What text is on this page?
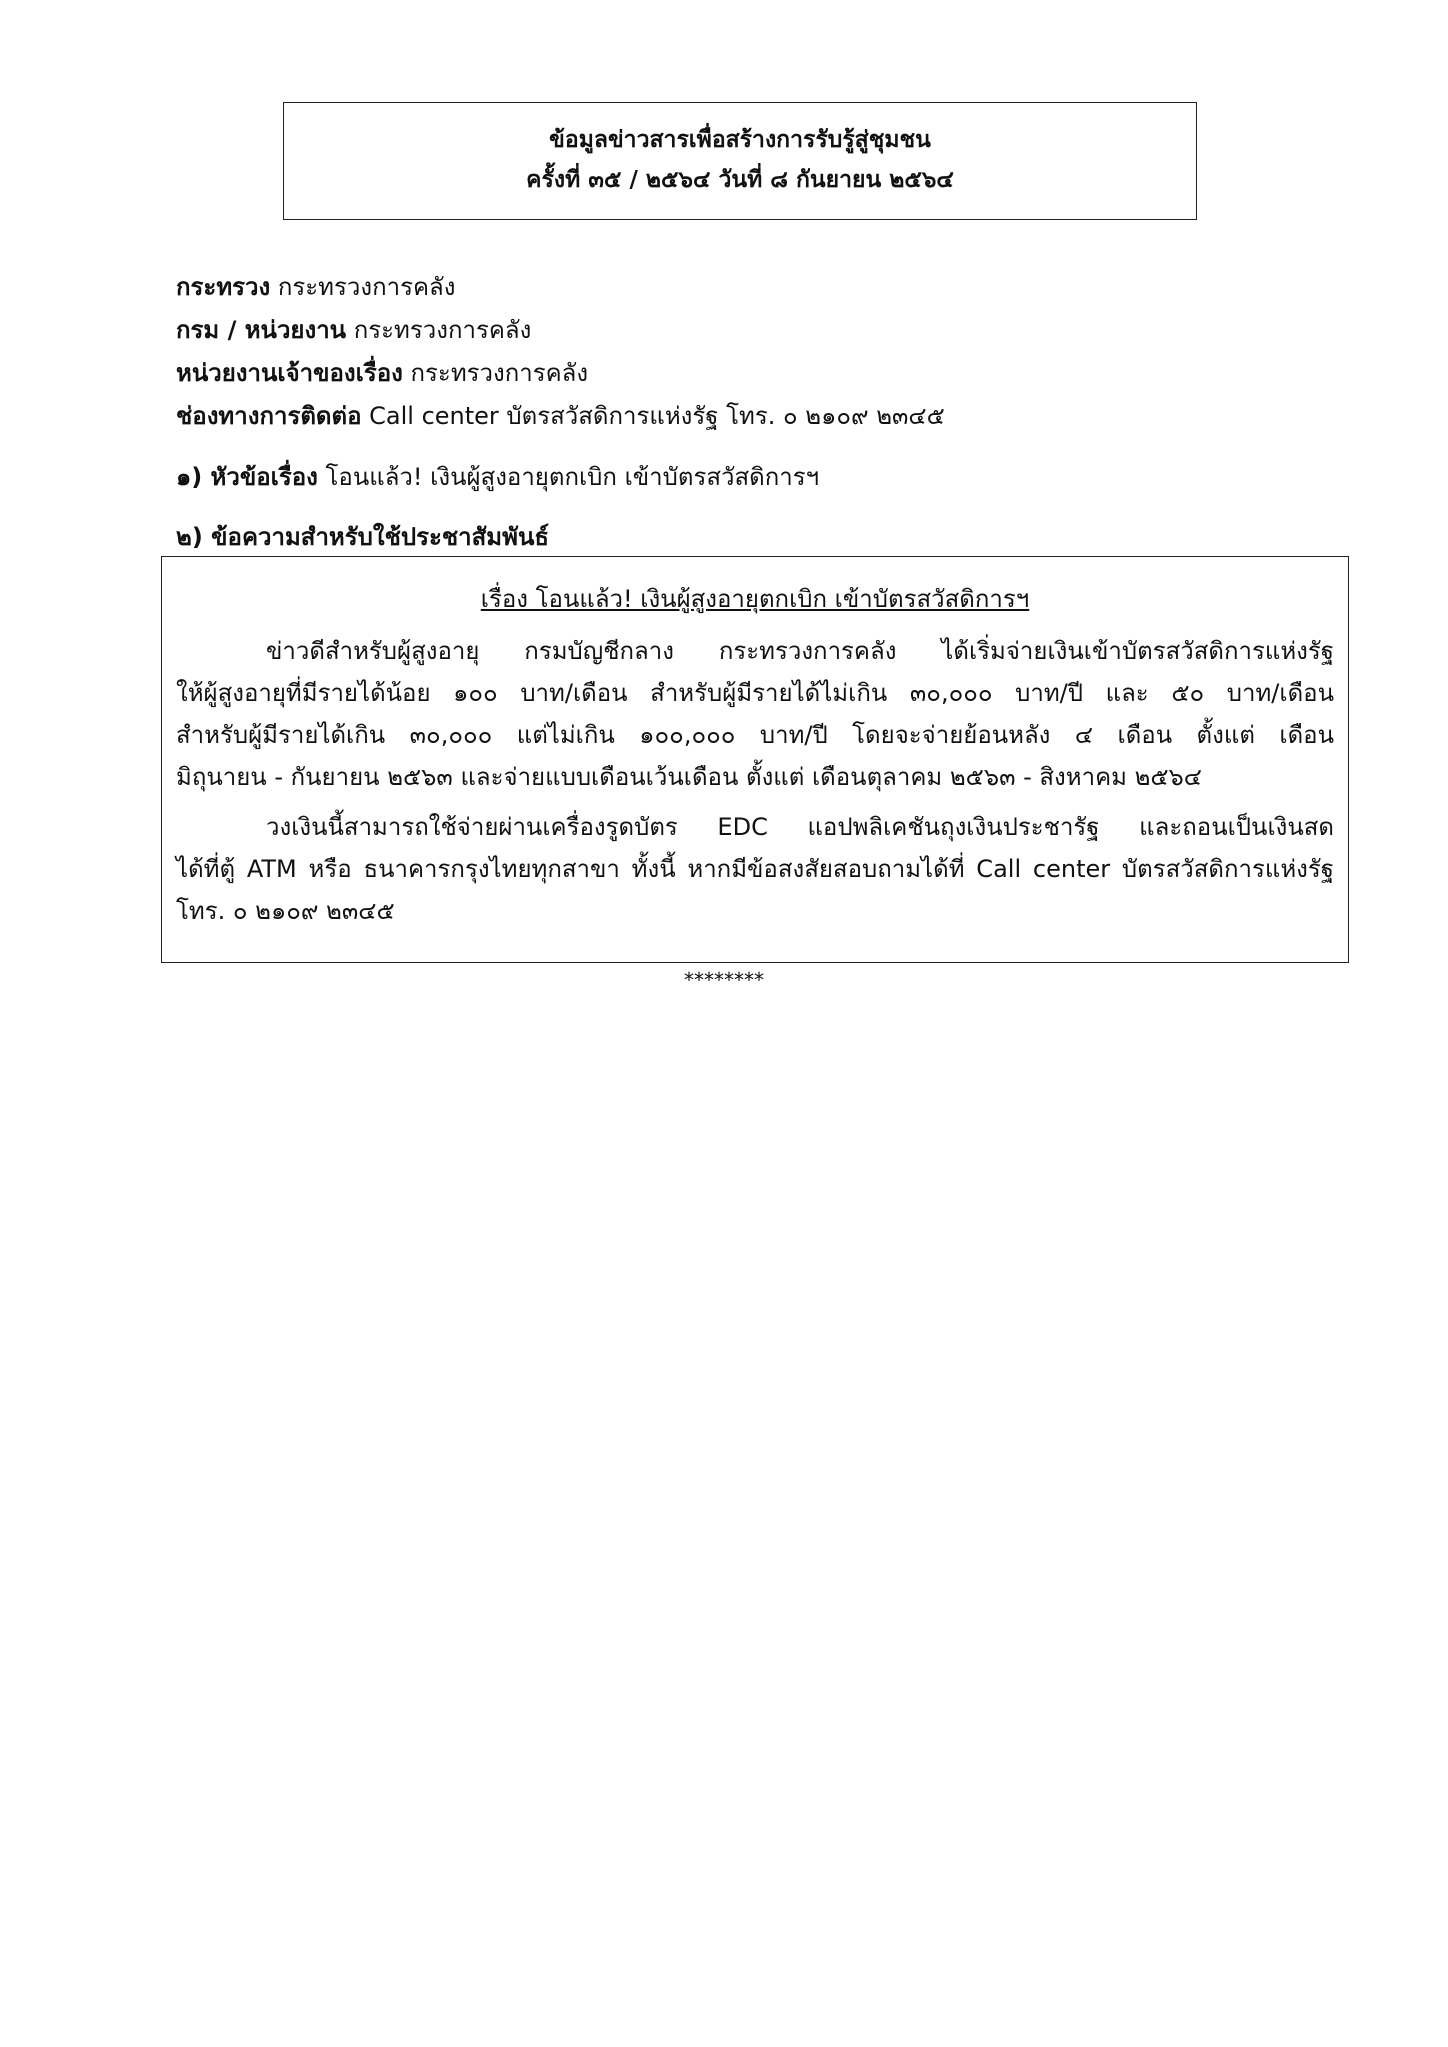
ข้อมูลข่าวสารเพื่อสร้างการรับรู้สู่ชุมชน
ครั้งที่ ๓๕ / ๒๕๖๔ วันที่ ๘ กันยายน ๒๕๖๔
กระทรวง กระทรวงการคลัง
กรม / หน่วยงาน กระทรวงการคลัง
หน่วยงานเจ้าของเรื่อง กระทรวงการคลัง
ช่องทางการติดต่อ Call center บัตรสวัสดิการแห่งรัฐ โทร. ๐ ๒๑๐๙ ๒๓๔๕
๑) หัวข้อเรื่อง โอนแล้ว! เงินผู้สูงอายุตกเบิก เข้าบัตรสวัสดิการฯ
๒) ข้อความสำหรับใช้ประชาสัมพันธ์
เรื่อง โอนแล้ว! เงินผู้สูงอายุตกเบิก เข้าบัตรสวัสดิการฯ
ข่าวดีสำหรับผู้สูงอายุ กรมบัญชีกลาง กระทรวงการคลัง ได้เริ่มจ่ายเงินเข้าบัตรสวัสดิการแห่งรัฐ
ให้ผู้สูงอายุที่มีรายได้น้อย ๑๐๐ บาท/เดือน สำหรับผู้มีรายได้ไม่เกิน ๓๐,๐๐๐ บาท/ปี และ ๕๐ บาท/เดือน
สำหรับผู้มีรายได้เกิน ๓๐,๐๐๐ แต่ไม่เกิน ๑๐๐,๐๐๐ บาท/ปี โดยจะจ่ายย้อนหลัง ๔ เดือน ตั้งแต่ เดือน
มิถุนายน - กันยายน ๒๕๖๓ และจ่ายแบบเดือนเว้นเดือน ตั้งแต่ เดือนตุลาคม ๒๕๖๓ - สิงหาคม ๒๕๖๔
วงเงินนี้สามารถใช้จ่ายผ่านเครื่องรูดบัตร EDC แอปพลิเคชันถุงเงินประชารัฐ และถอนเป็นเงินสด
ได้ที่ตู้ ATM หรือ ธนาคารกรุงไทยทุกสาขา ทั้งนี้ หากมีข้อสงสัยสอบถามได้ที่ Call center บัตรสวัสดิการแห่งรัฐ
โทร. ๐ ๒๑๐๙ ๒๓๔๕
********
